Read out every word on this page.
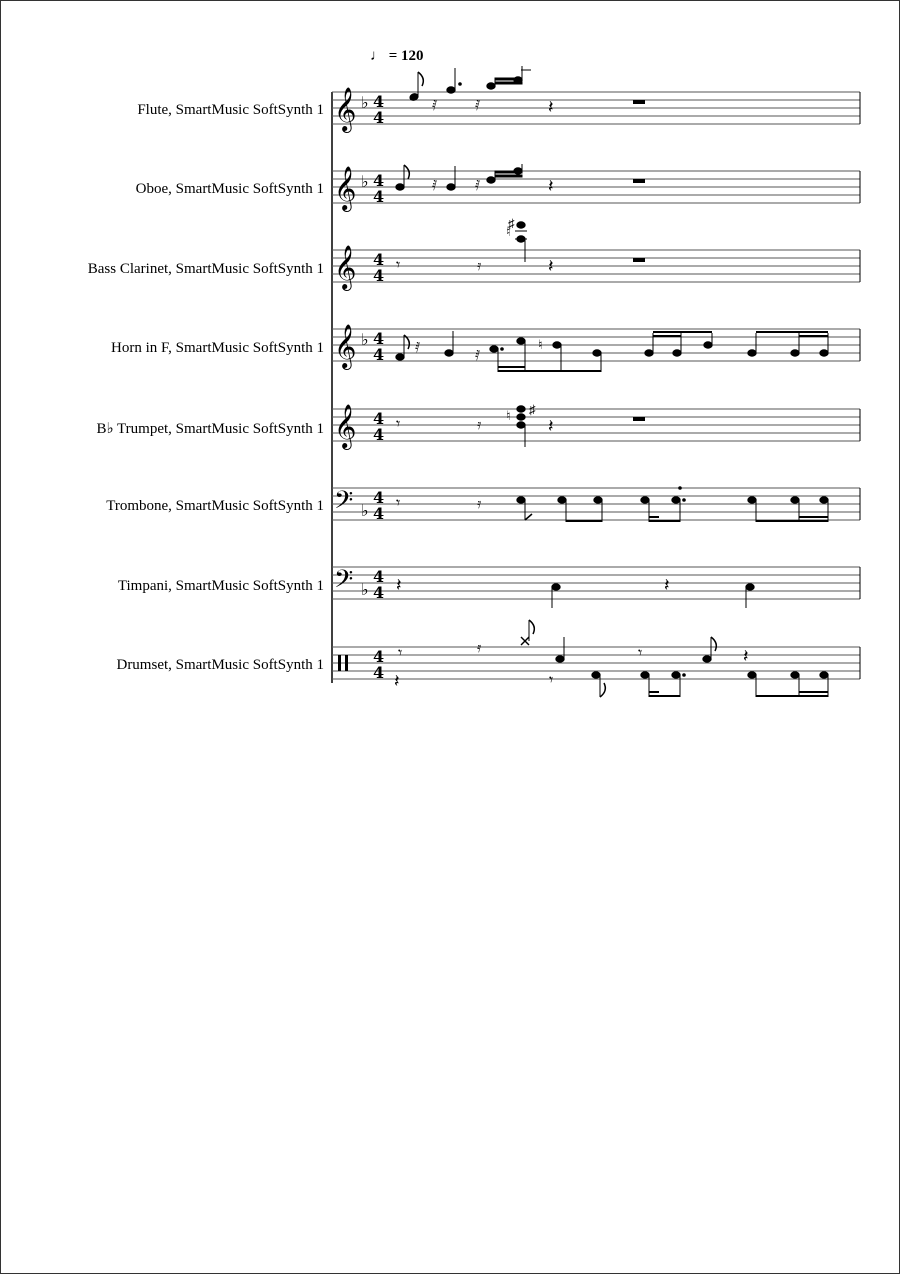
♩ = 120
Flute, SmartMusic SoftSynth 1
Oboe, SmartMusic SoftSynth 1
Bass Clarinet, SmartMusic SoftSynth 1
Horn in F, SmartMusic SoftSynth 1
B♭ Trumpet, SmartMusic SoftSynth 1
Trombone, SmartMusic SoftSynth 1
Timpani, SmartMusic SoftSynth 1
Drumset, SmartMusic SoftSynth 1
𝄞
𝄞
𝄞
𝄞
𝄞
𝄢
𝄢
♭
♭
♭
♭
♭
4
4
4
4
4
4
4
4
4
4
4
4
4
4
4
4
𝅀	𝅀	𝄽
𝅀	𝅀	𝄽
𝄾	𝄿
♮
♯
𝄽
𝅀
𝅀
♮
𝄾	𝄿
♮ ♯
𝄽
𝄾	𝄿
𝄽	𝄽
𝄾
𝄽
𝄿	𝄾	𝄽
𝄾
